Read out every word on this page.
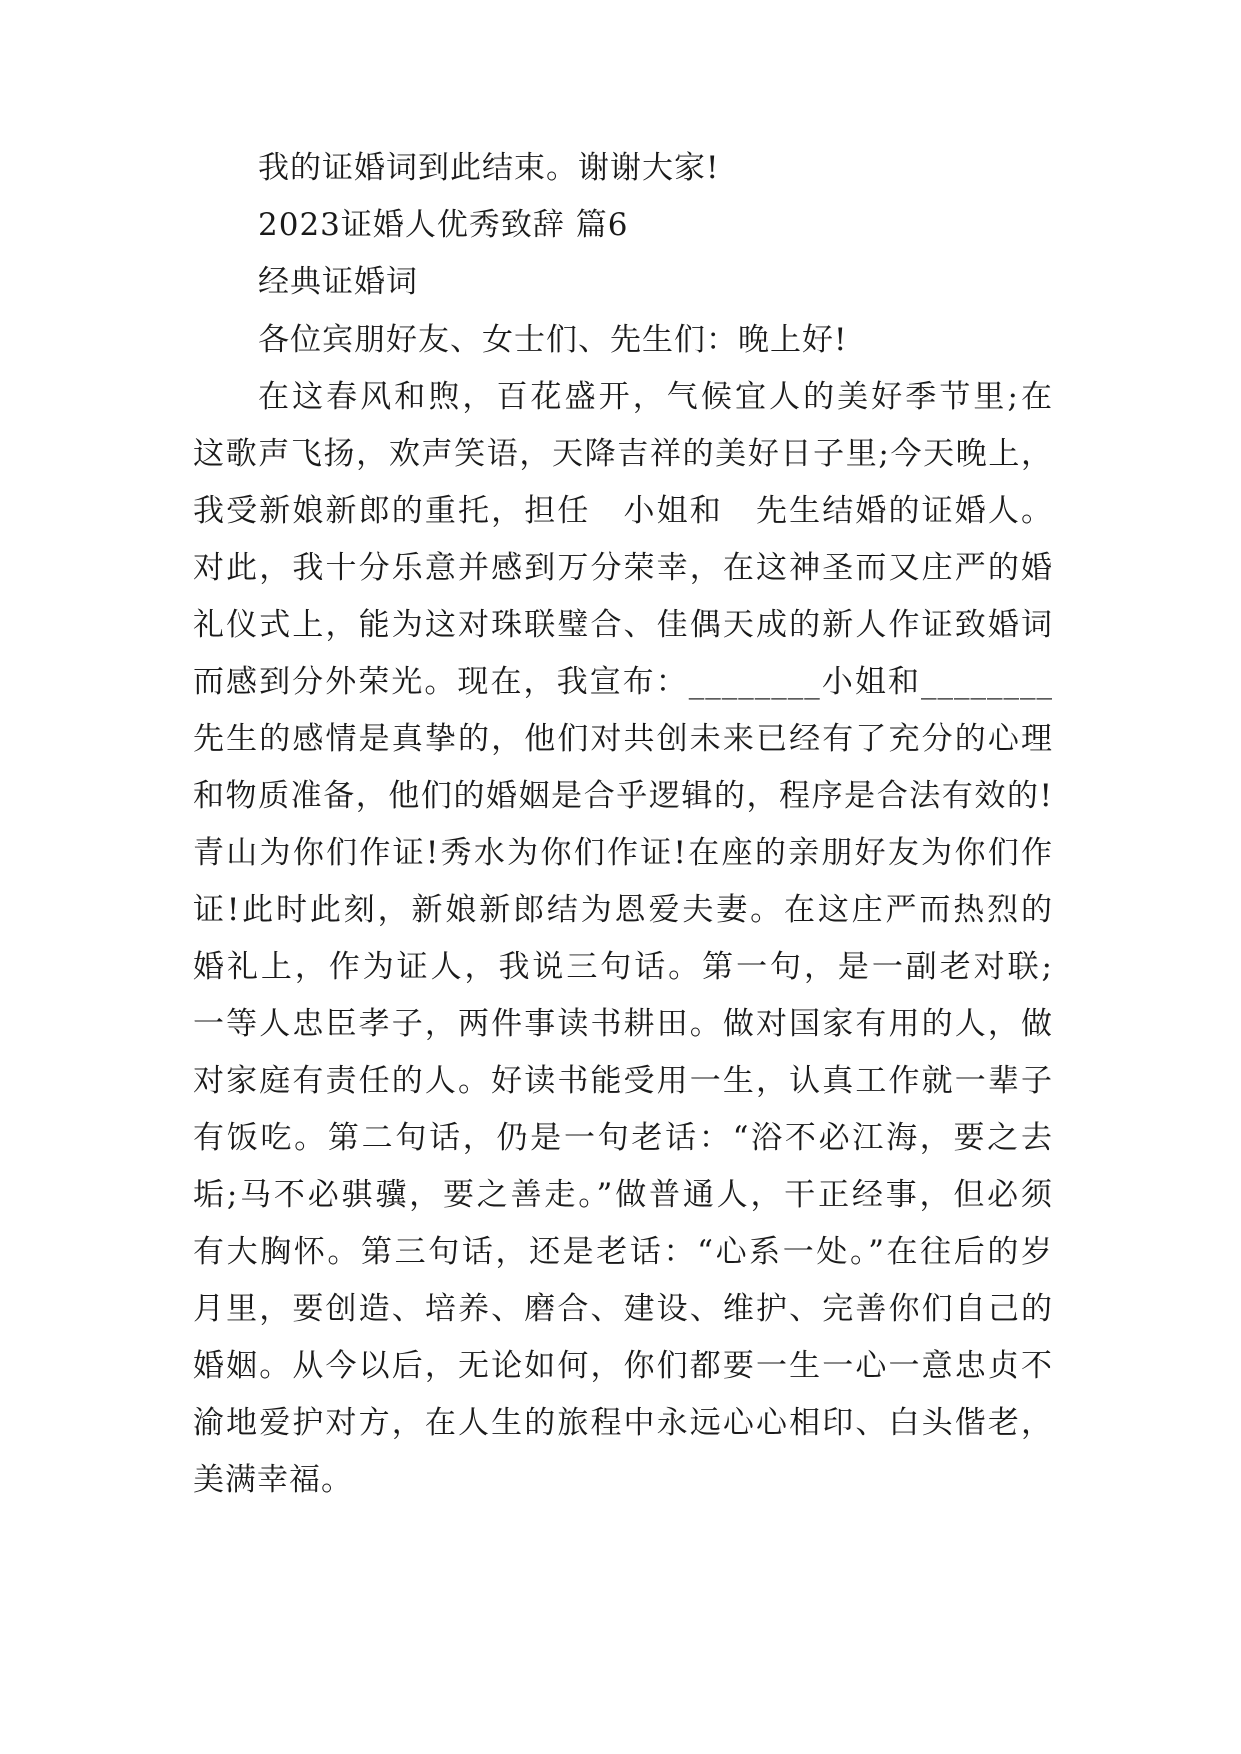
我的证婚词到此结束。谢谢大家!
2023证婚人优秀致辞 篇6
经典证婚词
各位宾朋好友、女士们、先生们：晚上好!
在这春风和煦，百花盛开，气候宜人的美好季节里;在
这歌声飞扬，欢声笑语，天降吉祥的美好日子里;今天晚上，
我受新娘新郎的重托，担任　小姐和　先生结婚的证婚人。
对此，我十分乐意并感到万分荣幸，在这神圣而又庄严的婚
礼仪式上，能为这对珠联璧合、佳偶天成的新人作证致婚词
而感到分外荣光。现在，我宣布：________小姐和________
先生的感情是真挚的，他们对共创未来已经有了充分的心理
和物质准备，他们的婚姻是合乎逻辑的，程序是合法有效的!
青山为你们作证!秀水为你们作证!在座的亲朋好友为你们作
证!此时此刻，新娘新郎结为恩爱夫妻。在这庄严而热烈的
婚礼上，作为证人，我说三句话。第一句，是一副老对联;
一等人忠臣孝子，两件事读书耕田。做对国家有用的人，做
对家庭有责任的人。好读书能受用一生，认真工作就一辈子
有饭吃。第二句话，仍是一句老话：“浴不必江海，要之去
垢;马不必骐骥，要之善走。”做普通人，干正经事，但必须
有大胸怀。第三句话，还是老话：“心系一处。”在往后的岁
月里，要创造、培养、磨合、建设、维护、完善你们自己的
婚姻。从今以后，无论如何，你们都要一生一心一意忠贞不
渝地爱护对方，在人生的旅程中永远心心相印、白头偕老，
美满幸福。
